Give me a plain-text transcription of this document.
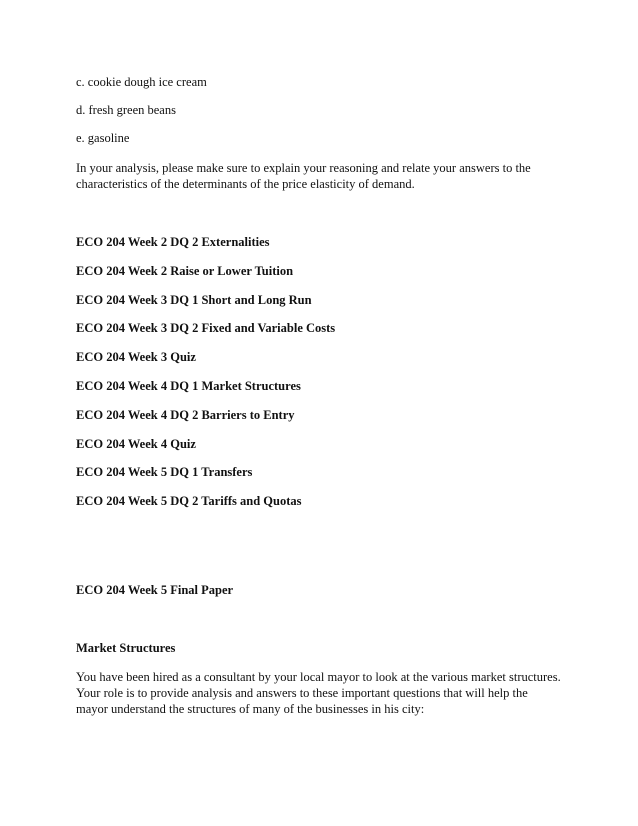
c. cookie dough ice cream
d. fresh green beans
e. gasoline
In your analysis, please make sure to explain your reasoning and relate your answers to the
characteristics of the determinants of the price elasticity of demand.
ECO 204 Week 2 DQ 2 Externalities
ECO 204 Week 2 Raise or Lower Tuition
ECO 204 Week 3 DQ 1 Short and Long Run
ECO 204 Week 3 DQ 2 Fixed and Variable Costs
ECO 204 Week 3 Quiz
ECO 204 Week 4 DQ 1 Market Structures
ECO 204 Week 4 DQ 2 Barriers to Entry
ECO 204 Week 4 Quiz
ECO 204 Week 5 DQ 1 Transfers
ECO 204 Week 5 DQ 2 Tariffs and Quotas
ECO 204 Week 5 Final Paper
Market Structures
You have been hired as a consultant by your local mayor to look at the various market structures.
Your role is to provide analysis and answers to these important questions that will help the
mayor understand the structures of many of the businesses in his city:
